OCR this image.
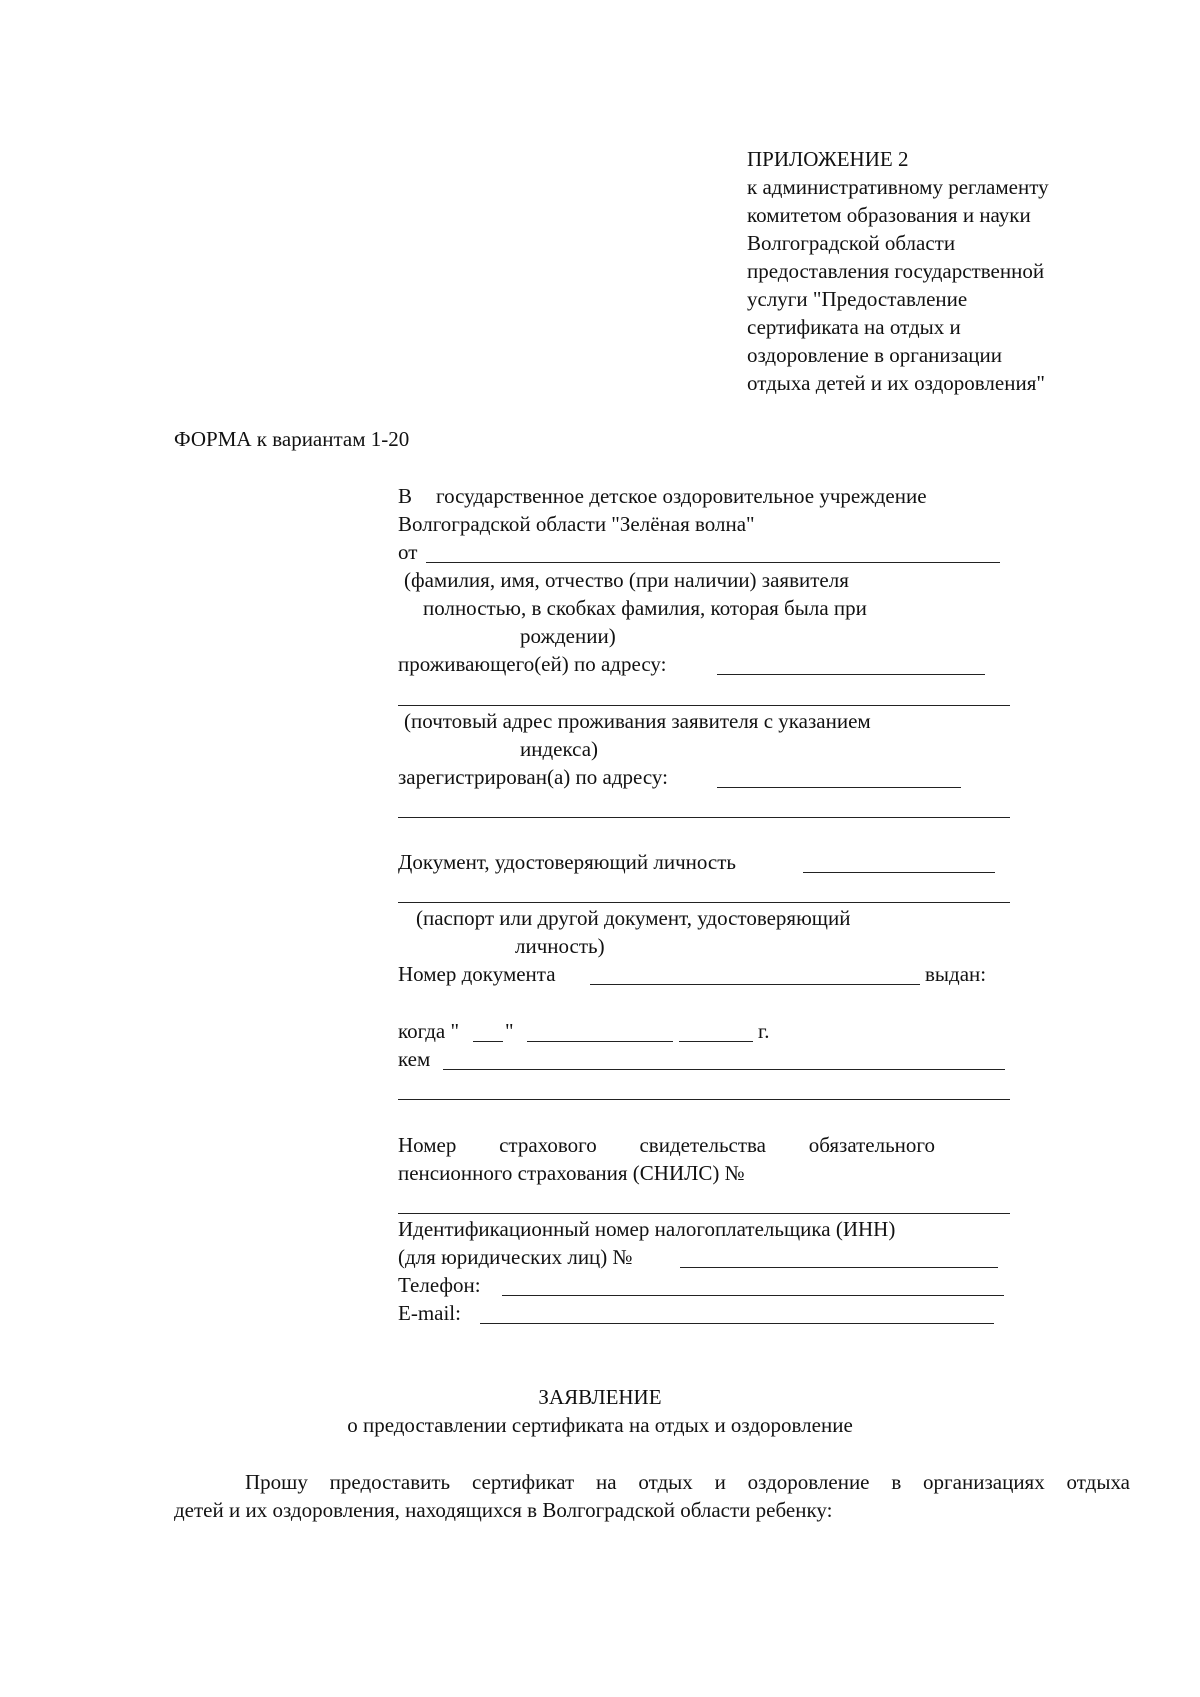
ПРИЛОЖЕНИЕ 2
к административному регламенту
комитетом образования и науки
Волгоградской области
предоставления государственной
услуги "Предоставление
сертификата на отдых и
оздоровление в организации
отдыха детей и их оздоровления"
ФОРМА к вариантам 1-20
В государственное детское оздоровительное учреждение
Волгоградской области "Зелёная волна"
от
(фамилия, имя, отчество (при наличии) заявителя
полностью, в скобках фамилия, которая была при
рождении)
проживающего(ей) по адресу:
(почтовый адрес проживания заявителя с указанием
индекса)
зарегистрирован(а) по адресу:
Документ, удостоверяющий личность
(паспорт или другой документ, удостоверяющий
личность)
Номер документа	выдан:
когда " "	г.
кем
Номер страхового свидетельства обязательного
пенсионного страхования (СНИЛС) №
Идентификационный номер налогоплательщика (ИНН)
(для юридических лиц) №
Телефон:
E-mail:
ЗАЯВЛЕНИЕ
о предоставлении сертификата на отдых и оздоровление
Прошу предоставить сертификат на отдых и оздоровление в организациях отдыха
детей и их оздоровления, находящихся в Волгоградской области ребенку:
